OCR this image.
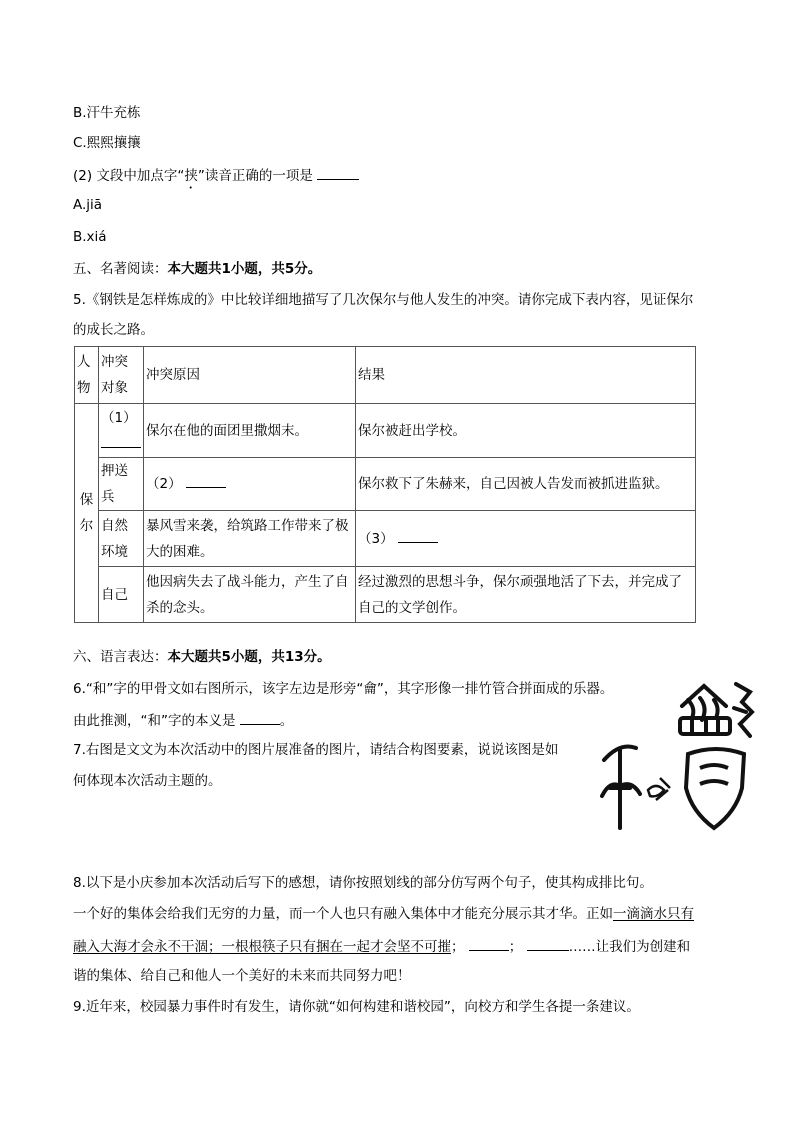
B.汗牛充栋
C.熙熙攘攘
(2) 文段中加点字“挟”读音正确的一项是
A.jiā
B.xiá
五、名著阅读：本大题共1小题，共5分。
5.《钢铁是怎样炼成的》中比较详细地描写了几次保尔与他人发生的冲突。请你完成下表内容，见证保尔
的成长之路。
人物	冲突对象	冲突原因	结果

保尔	（1）	保尔在他的面团里撒烟末。	保尔被赶出学校。
	押送兵	（2）	保尔救下了朱赫来，自己因被人告发而被抓进监狱。

	自然环境	暴风雪来袭，给筑路工作带来了极大的困难。	（3）
	自己	他因病失去了战斗能力，产生了自杀的念头。	经过激烈的思想斗争，保尔顽强地活了下去，并完成了自己的文学创作。
六、语言表达：本大题共5小题，共13分。
6.“和”字的甲骨文如右图所示，该字左边是形旁“龠”，其字形像一排竹管合拼面成的乐器。
由此推测，“和”字的本义是	。
7.右图是文文为本次活动中的图片展准备的图片，请结合构图要素，说说该图是如
何体现本次活动主题的。
8.以下是小庆参加本次活动后写下的感想，请你按照划线的部分仿写两个句子，使其构成排比句。
一个好的集体会给我们无穷的力量，而一个人也只有融入集体中才能充分展示其才华。正如一滴滴水只有
融入大海才会永不干涸；一根根筷子只有捆在一起才会坚不可摧；	；	……让我们为创建和
谐的集体、给自己和他人一个美好的未来而共同努力吧！
9.近年来，校园暴力事件时有发生，请你就“如何构建和谐校园”，向校方和学生各提一条建议。
